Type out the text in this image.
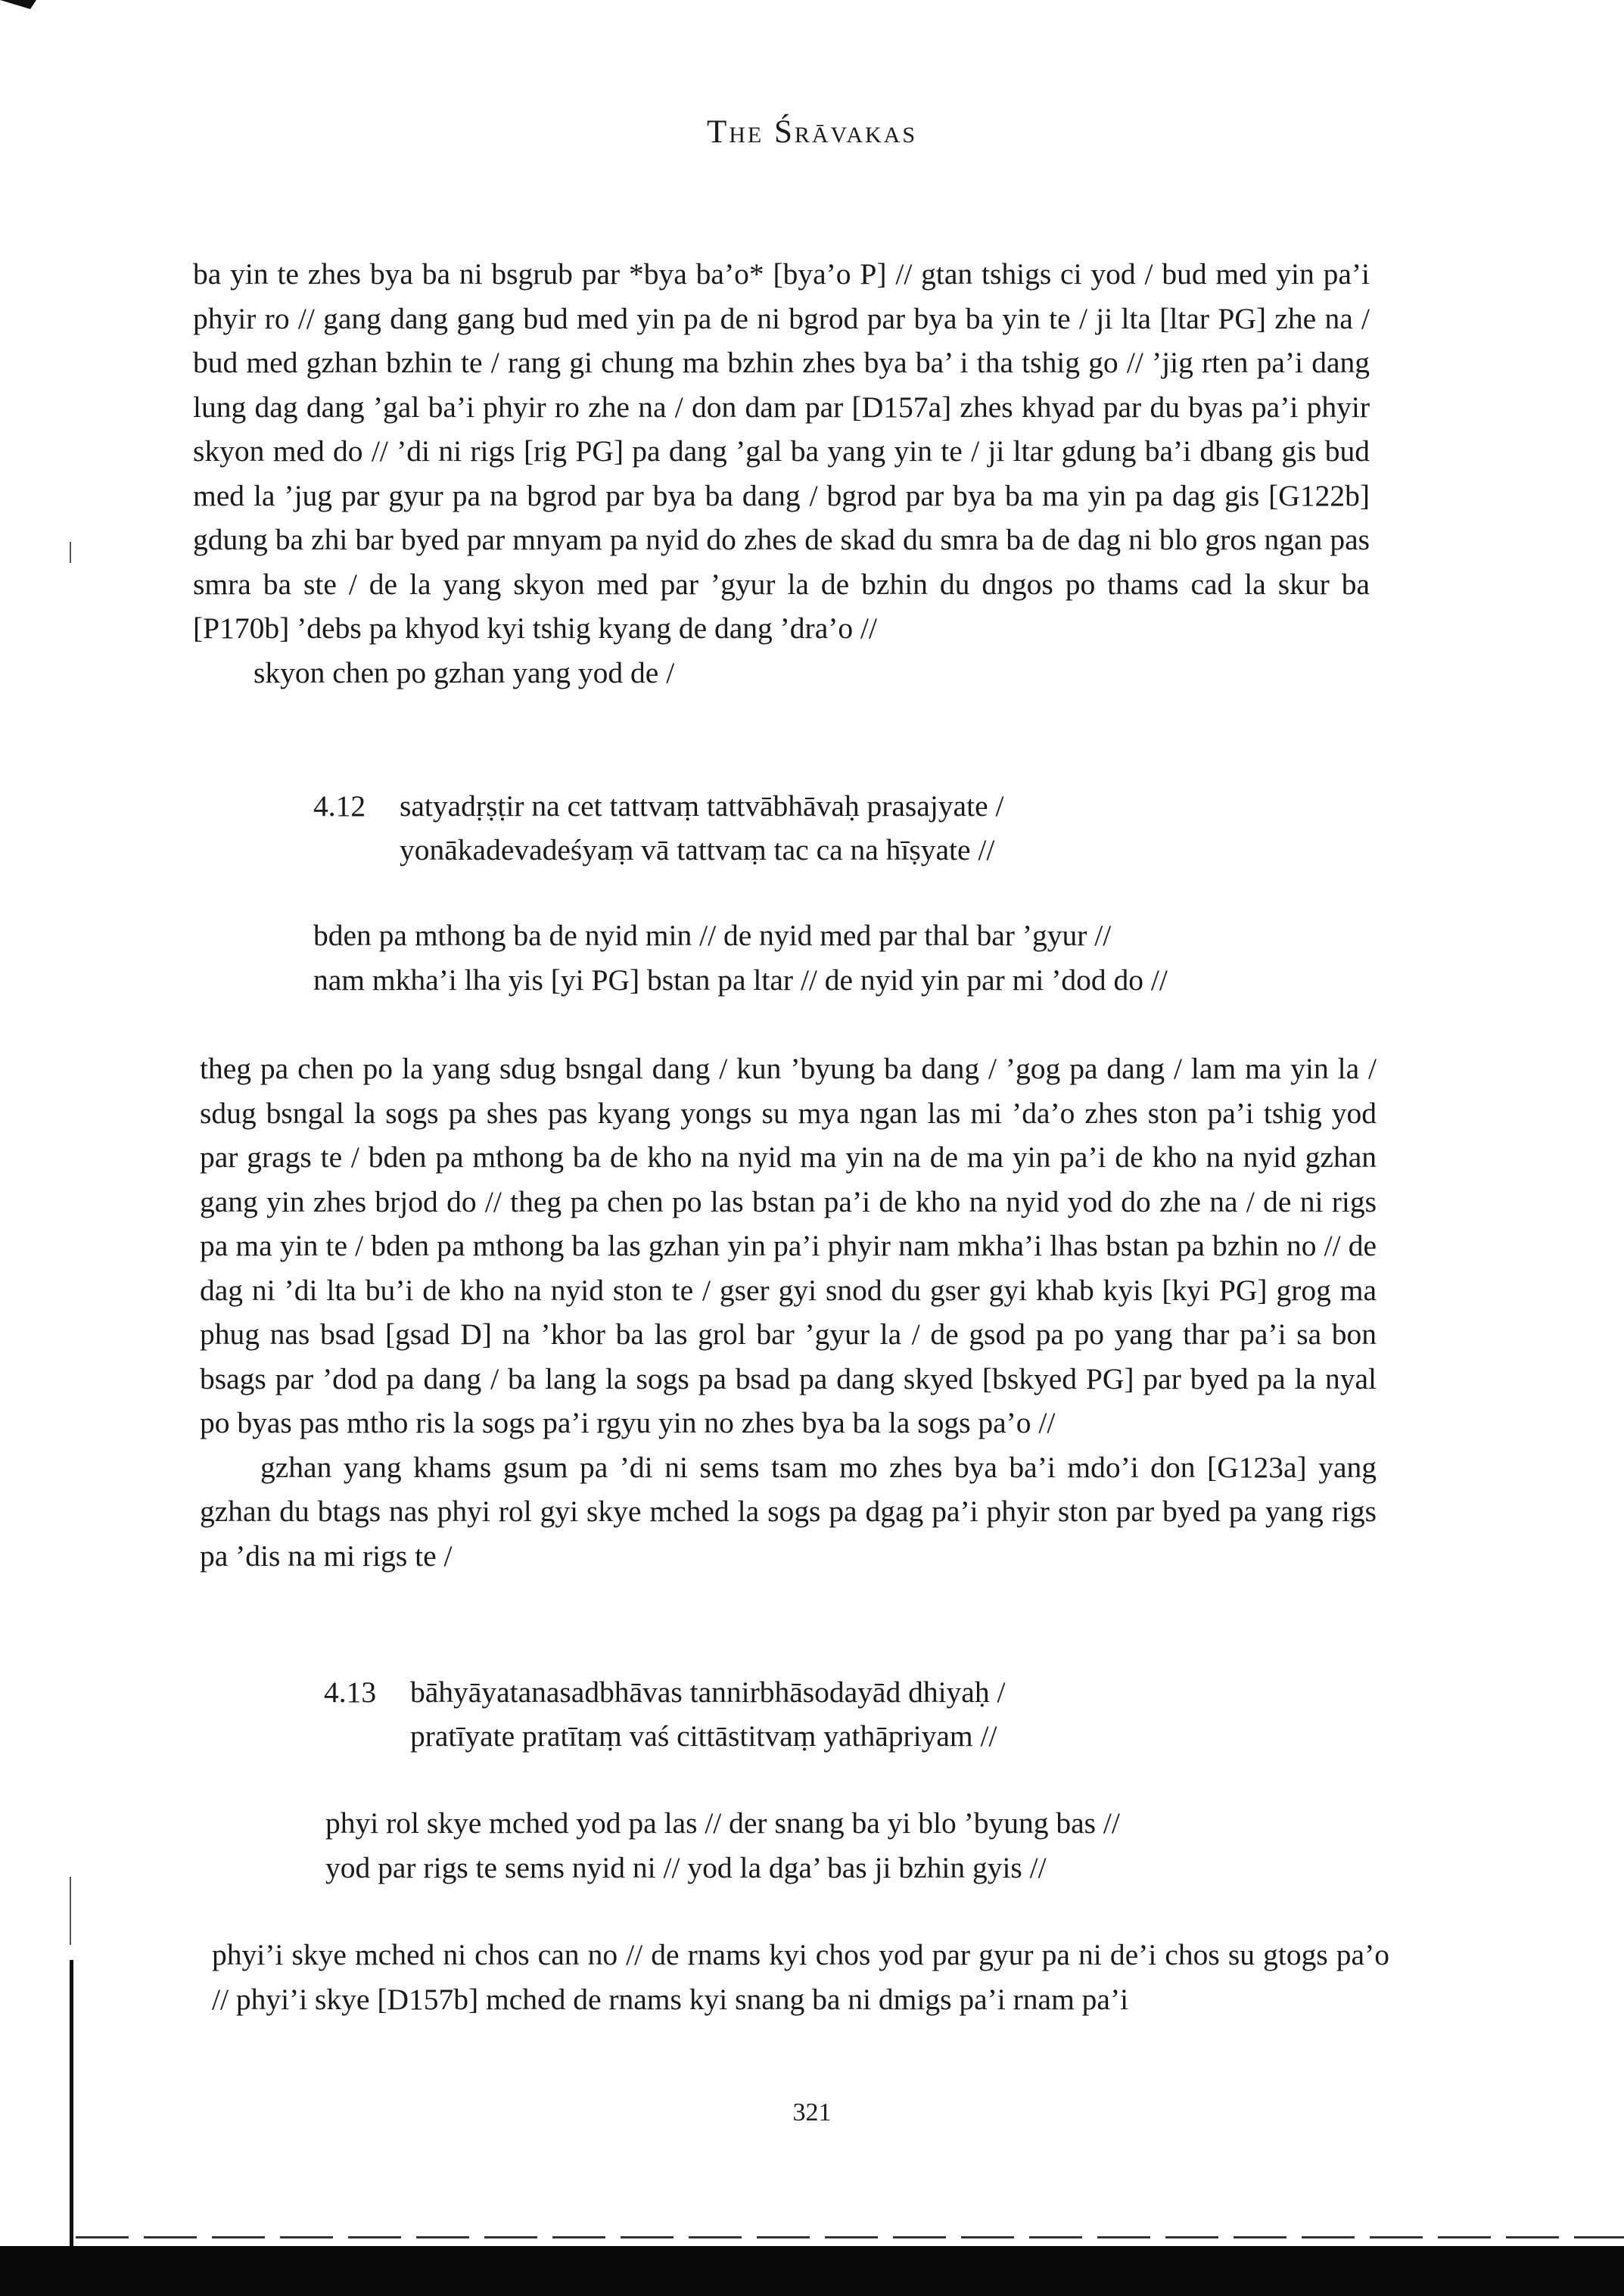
The Śrāvakas

ba yin te zhes bya ba ni bsgrub par *bya ba’o* [bya’o P] // gtan tshigs ci yod / bud med yin pa’i phyir ro // gang dang gang bud med yin pa de ni bgrod par bya ba yin te / ji lta [ltar PG] zhe na / bud med gzhan bzhin te / rang gi chung ma bzhin zhes bya ba’ i tha tshig go // ’jig rten pa’i dang lung dag dang ’gal ba’i phyir ro zhe na / don dam par [D157a] zhes khyad par du byas pa’i phyir skyon med do // ’di ni rigs [rig PG] pa dang ’gal ba yang yin te / ji ltar gdung ba’i dbang gis bud med la ’jug par gyur pa na bgrod par bya ba dang / bgrod par bya ba ma yin pa dag gis [G122b] gdung ba zhi bar byed par mnyam pa nyid do zhes de skad du smra ba de dag ni blo gros ngan pas smra ba ste / de la yang skyon med par ’gyur la de bzhin du dngos po thams cad la skur ba [P170b] ’debs pa khyod kyi tshig kyang de dang ’dra’o //

skyon chen po gzhan yang yod de /

4.12 satyadṛṣṭir na cet tattvaṃ tattvābhāvaḥ prasajyate /
yonākadevadeśyaṃ vā tattvaṃ tac ca na hīṣyate //
bden pa mthong ba de nyid min // de nyid med par thal bar ’gyur //
nam mkha’i lha yis [yi PG] bstan pa ltar // de nyid yin par mi ’dod do //

theg pa chen po la yang sdug bsngal dang / kun ’byung ba dang / ’gog pa dang / lam ma yin la / sdug bsngal la sogs pa shes pas kyang yongs su mya ngan las mi ’da’o zhes ston pa’i tshig yod par grags te / bden pa mthong ba de kho na nyid ma yin na de ma yin pa’i de kho na nyid gzhan gang yin zhes brjod do // theg pa chen po las bstan pa’i de kho na nyid yod do zhe na / de ni rigs pa ma yin te / bden pa mthong ba las gzhan yin pa’i phyir nam mkha’i lhas bstan pa bzhin no // de dag ni ’di lta bu’i de kho na nyid ston te / gser gyi snod du gser gyi khab kyis [kyi PG] grog ma phug nas bsad [gsad D] na ’khor ba las grol bar ’gyur la / de gsod pa po yang thar pa’i sa bon bsags par ’dod pa dang / ba lang la sogs pa bsad pa dang skyed [bskyed PG] par byed pa la nyal po byas pas mtho ris la sogs pa’i rgyu yin no zhes bya ba la sogs pa’o //

gzhan yang khams gsum pa ’di ni sems tsam mo zhes bya ba’i mdo’i don [G123a] yang gzhan du btags nas phyi rol gyi skye mched la sogs pa dgag pa’i phyir ston par byed pa yang rigs pa ’dis na mi rigs te /

4.13 bāhyāyatanasadbhāvas tannirbhāsodayād dhiyaḥ /
pratīyate pratītaṃ vaś cittāstitvaṃ yathāpriyam //
phyi rol skye mched yod pa las // der snang ba yi blo ’byung bas //
yod par rigs te sems nyid ni // yod la dga’ bas ji bzhin gyis //

phyi’i skye mched ni chos can no // de rnams kyi chos yod par gyur pa ni de’i chos su gtogs pa’o // phyi’i skye [D157b] mched de rnams kyi snang ba ni dmigs pa’i rnam pa’i

321
